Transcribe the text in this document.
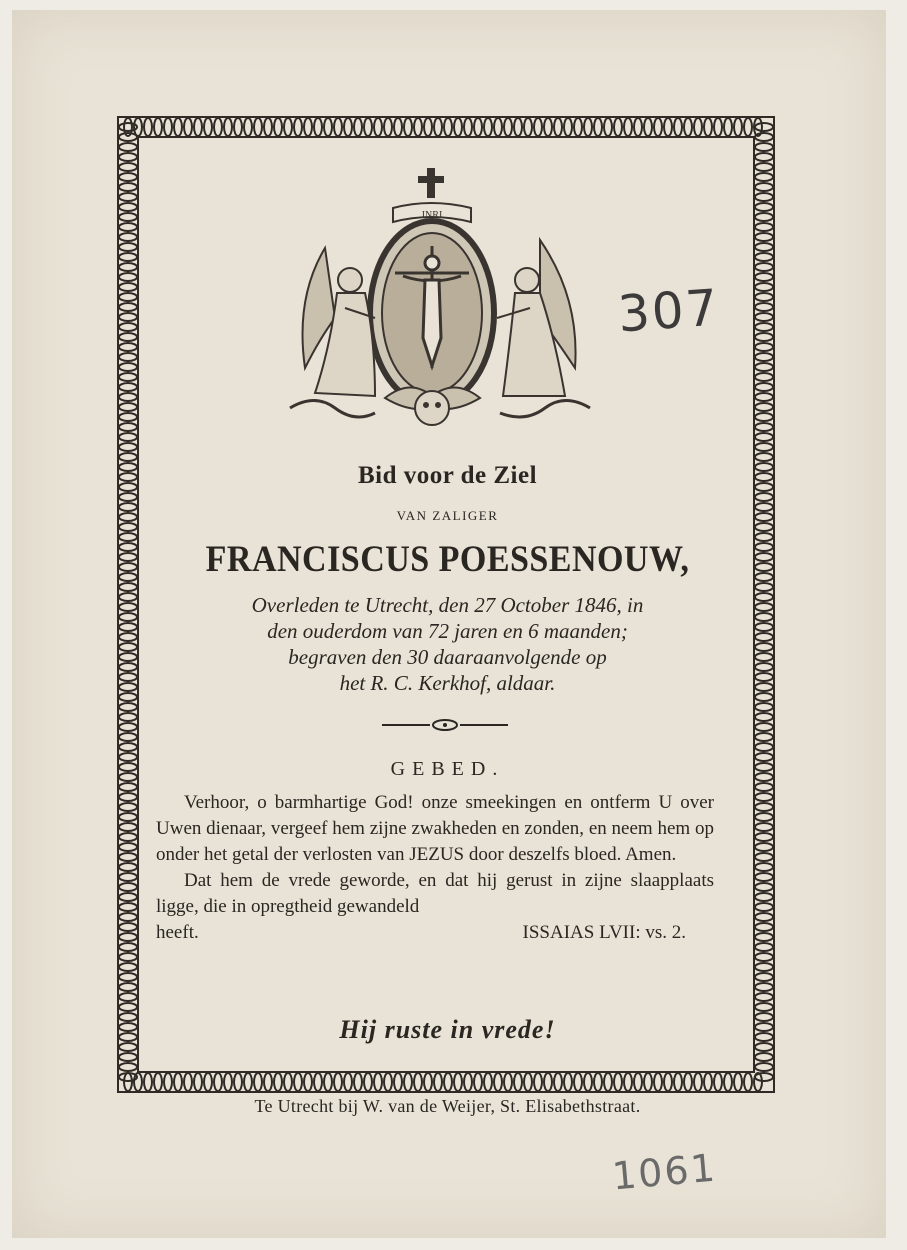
INRI
307
Bid voor de Ziel
VAN ZALIGER
FRANCISCUS POESSENOUW,
Overleden te Utrecht, den 27 October 1846, in
den ouderdom van 72 jaren en 6 maanden;
begraven den 30 daaraanvolgende op
het R. C. Kerkhof, aldaar.
GEBED.

Verhoor, o barmhartige God! onze smeekingen en ontferm U over Uwen dienaar, vergeef hem zijne zwakheden en zonden, en neem hem op onder het getal der verlosten van JEZUS door deszelfs bloed. Amen.

Dat hem de vrede geworde, en dat hij gerust in zijne slaapplaats ligge, die in opregtheid gewandeld

heeft.	ISSAIAS LVII: vs. 2.
Hij ruste in vrede!
Te Utrecht bij W. van de Weijer, St. Elisabethstraat.
1061
